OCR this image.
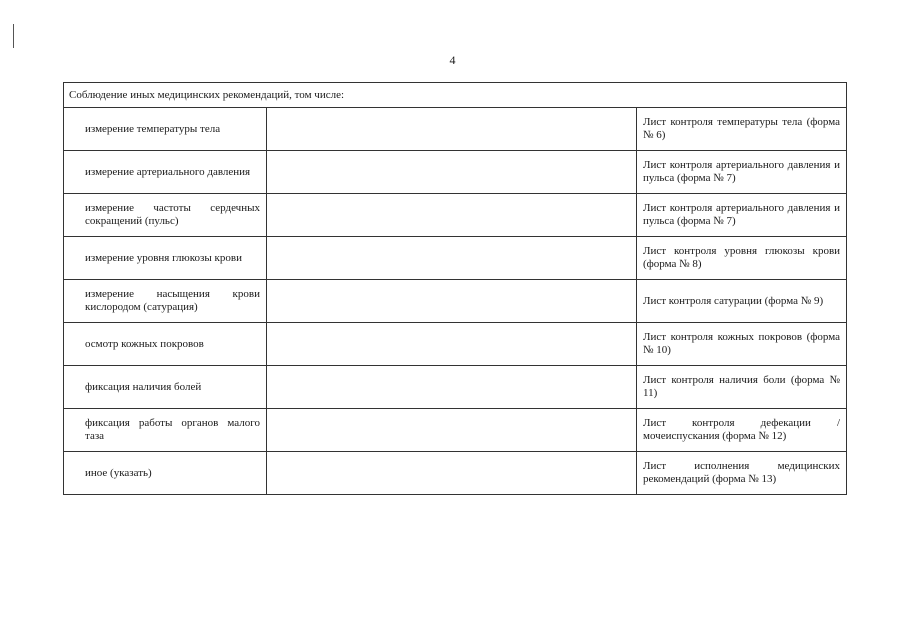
4
Соблюдение иных медицинских рекомендаций, том числе:		
измерение температуры тела		Лист контроля температуры тела (форма № 6)
измерение артериального давления		Лист контроля артериального давления и пульса (форма № 7)
измерение частоты сердечных сокращений (пульс)		Лист контроля артериального давления и пульса (форма № 7)
измерение уровня глюкозы крови		Лист контроля уровня глюкозы крови (форма № 8)
измерение насыщения крови кислородом (сатурация)		Лист контроля сатурации (форма № 9)
осмотр кожных покровов		Лист контроля кожных покровов (форма № 10)
фиксация наличия болей		Лист контроля наличия боли (форма № 11)
фиксация работы органов малого таза		Лист контроля дефекации /мочеиспускания (форма № 12)
иное (указать)		Лист исполнения медицинских рекомендаций (форма № 13)
